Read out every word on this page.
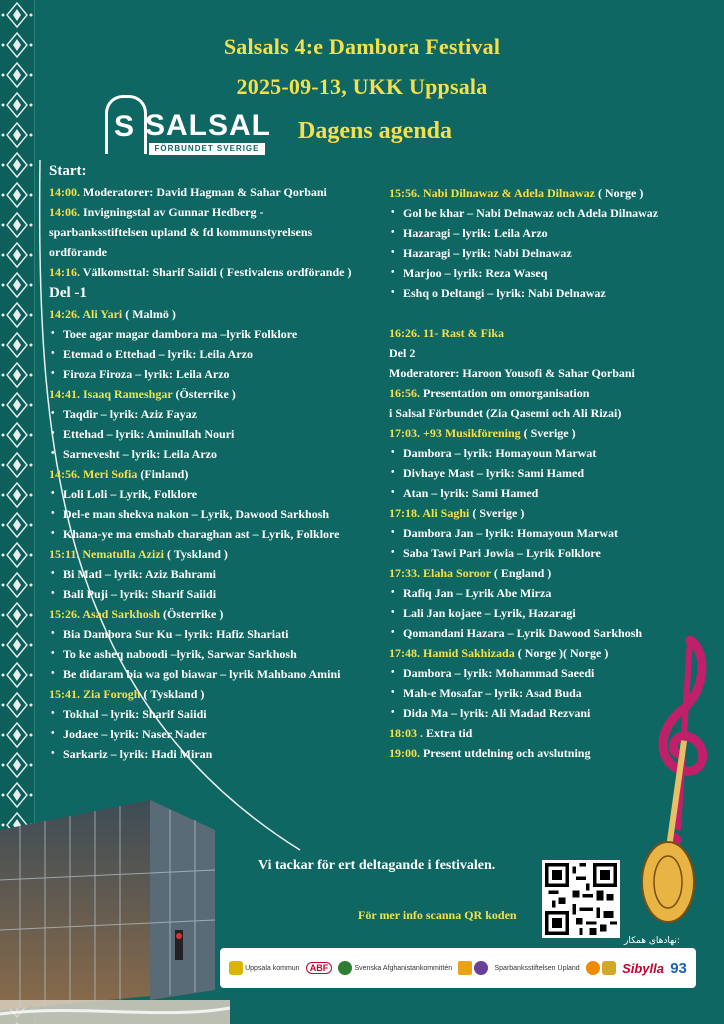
Salsals 4:e Dambora Festival
2025-09-13, UKK Uppsala
S SALSAL
FÖRBUNDET SVERIGE
Dagens agenda
Start:
14:00. Moderatorer: David Hagman & Sahar Qorbani
14:06. Invigningstal av Gunnar Hedberg -
sparbanksstiftelsen upland & fd kommunstyrelsens
ordförande
14:16. Välkomsttal: Sharif Saiidi ( Festivalens ordförande )
Del -1
14:26. Ali Yari ( Malmö )
• Toee agar magar dambora ma –lyrik Folklore
• Etemad o Ettehad – lyrik: Leila Arzo
• Firoza Firoza – lyrik: Leila Arzo
14:41. Isaaq Rameshgar (Österrike )
• Taqdir – lyrik: Aziz Fayaz
• Ettehad – lyrik: Aminullah Nouri
• Sarnevesht – lyrik: Leila Arzo
14:56. Meri Sofia (Finland)
• Loli Loli – Lyrik, Folklore
• Del-e man shekva nakon – Lyrik, Dawood Sarkhosh
• Khana-ye ma emshab charaghan ast – Lyrik, Folklore
15:11. Nematulla Azizi ( Tyskland )
• Bi Matl – lyrik: Aziz Bahrami
• Bali Puji – lyrik: Sharif Saiidi
15:26. Asad Sarkhosh (Österrike )
• Bia Dambora Sur Ku – lyrik: Hafiz Shariati
• To ke asheq naboodi –lyrik, Sarwar Sarkhosh
• Be didaram bia wa gol biawar – lyrik Mahbano Amini
15:41. Zia Forogh ( Tyskland )
• Tokhal – lyrik: Sharif Saiidi
• Jodaee – lyrik: Naser Nader
• Sarkariz – lyrik: Hadi Miran
15:56. Nabi Dilnawaz & Adela Dilnawaz ( Norge )
• Gol be khar – Nabi Delnawaz och Adela Dilnawaz
• Hazaragi – lyrik: Leila Arzo
• Hazaragi – lyrik: Nabi Delnawaz
• Marjoo – lyrik: Reza Waseq
• Eshq o Deltangi – lyrik: Nabi Delnawaz
16:26. 11- Rast & Fika
Del 2
Moderatorer: Haroon Yousofi & Sahar Qorbani
16:56. Presentation om omorganisation
i Salsal Förbundet (Zia Qasemi och Ali Rizai)
17:03. +93 Musikförening ( Sverige )
• Dambora – lyrik: Homayoun Marwat
• Divhaye Mast – lyrik: Sami Hamed
• Atan – lyrik: Sami Hamed
17:18. Ali Saghi ( Sverige )
• Dambora Jan – lyrik: Homayoun Marwat
• Saba Tawi Pari Jowia – Lyrik Folklore
17:33. Elaha Soroor ( England )
• Rafiq Jan – Lyrik Abe Mirza
• Lali Jan kojaee – Lyrik, Hazaragi
• Qomandani Hazara – Lyrik Dawood Sarkhosh
17:48. Hamid Sakhizada ( Norge )( Norge )
• Dambora – lyrik: Mohammad Saeedi
• Mah-e Mosafar – lyrik: Asad Buda
• Dida Ma – lyrik: Ali Madad Rezvani
18:03 . Extra tid
19:00. Present utdelning och avslutning
Vi tackar för ert deltagande i festivalen.
För mer info scanna QR koden
نهادهای همکار:
Uppsala kommun	ABF	Svenska Afghanistankommittén	Sparbanksstiftelsen Upland	Sibylla 93
